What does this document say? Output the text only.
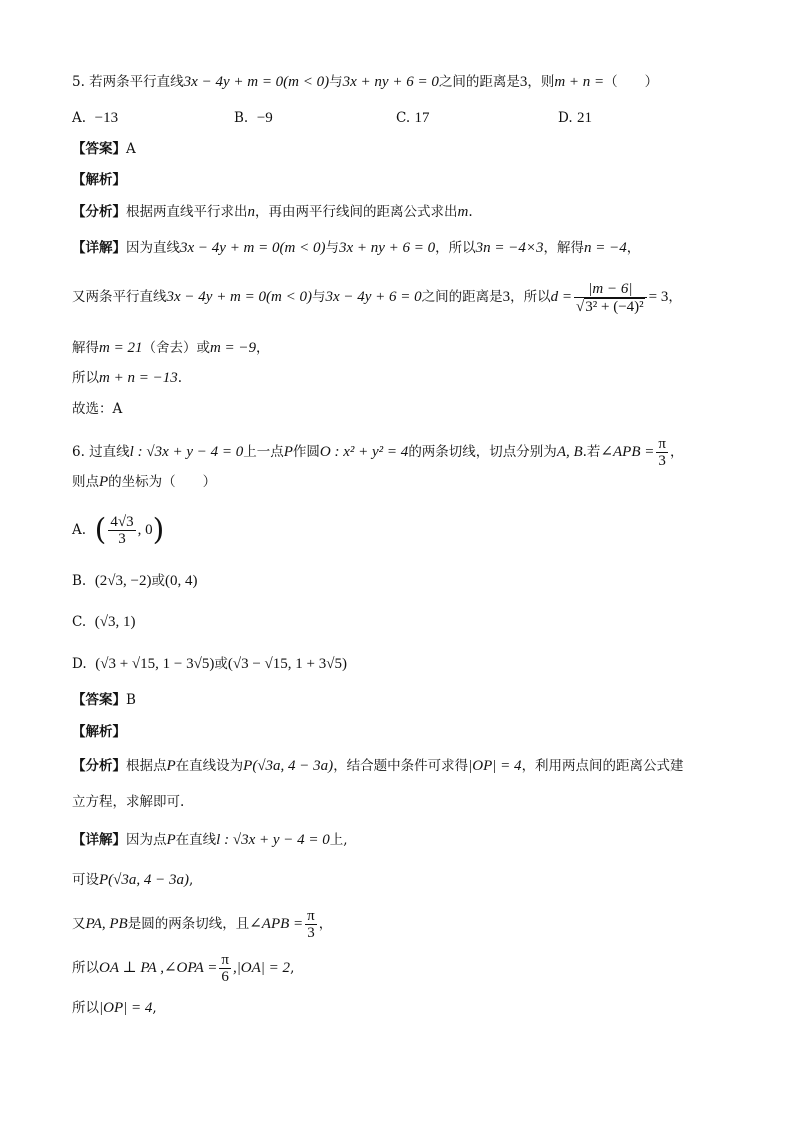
5. 若两条平行直线3x − 4y + m = 0(m < 0)与3x + ny + 6 = 0之间的距离是3，则m + n =（　　）
A. −13	B. −9	C. 17	D. 21
【答案】A
【解析】
【分析】根据两直线平行求出n，再由两平行线间的距离公式求出m.
【详解】因为直线3x − 4y + m = 0(m < 0)与3x + ny + 6 = 0，所以3n = −4×3，解得n = −4，
又两条平行直线3x − 4y + m = 0(m < 0)与3x − 4y + 6 = 0之间的距离是3，所以$d = \frac{|m - 6|}{\text{√3² + (−4)²}} = 3$，
解得m = 21（舍去）或m = −9，
所以m + n = −13.
故选：A
6. 过直线l : √3x + y − 4 = 0上一点P作圆O : x² + y² = 4的两条切线，切点分别为A, B.若∠APB = $\frac{\pi}{3}$ ，
则点P的坐标为（　　）
A. ( $\frac{4√3}{3}$ , 0)
B. (2√3, −2)或(0, 4)
C. (√3, 1)
D. (√3 + √15, 1 − 3√5)或(√3 − √15, 1 + 3√5)
【答案】B
【解析】
【分析】根据点P在直线设为P(√3a, 4 − 3a)，结合题中条件可求得|OP| = 4，利用两点间的距离公式建
立方程，求解即可.
【详解】因为点P在直线l : √3x + y − 4 = 0上,
可设P(√3a, 4 − 3a),
又PA, PB是圆的两条切线，且∠APB = $\frac{\pi}{3}$ ，
所以OA ⊥ PA ,∠OPA = $\frac{\pi}{6} ,|OA| = 2$,
所以|OP| = 4,
